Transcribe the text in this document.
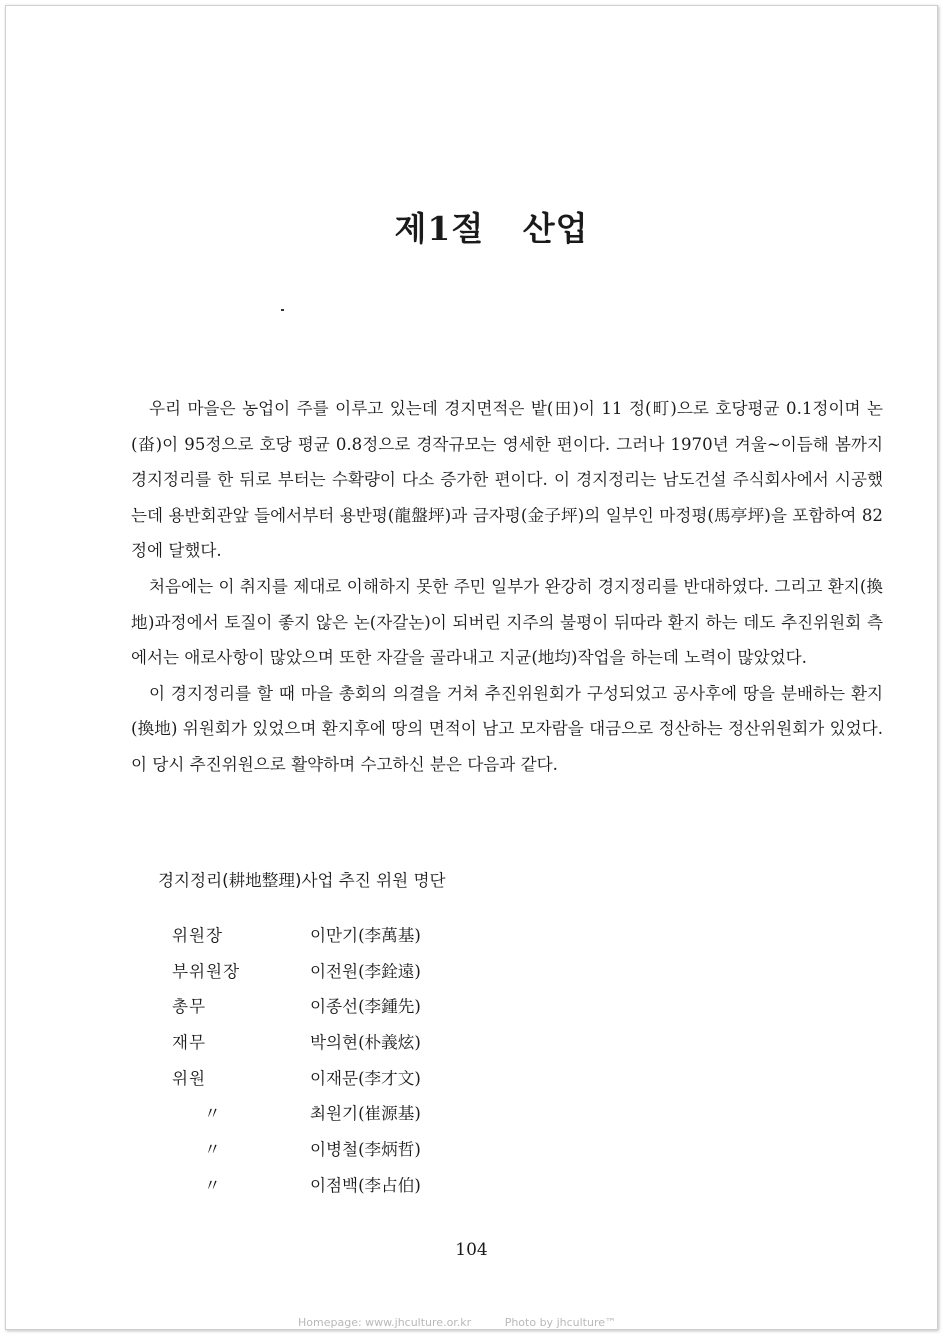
제1절 산업

우리 마을은 농업이 주를 이루고 있는데 경지면적은 밭(田)이 11 정(町)으로 호당평균 0.1정이며 논(畓)이 95정으로 호당 평균 0.8정으로 경작규모는 영세한 편이다. 그러나 1970년 겨울~이듬해 봄까지 경지정리를 한 뒤로 부터는 수확량이 다소 증가한 편이다. 이 경지정리는 남도건설 주식회사에서 시공했는데 용반회관앞 들에서부터 용반평(龍盤坪)과 금자평(金子坪)의 일부인 마정평(馬亭坪)을 포함하여 82정에 달했다.

처음에는 이 취지를 제대로 이해하지 못한 주민 일부가 완강히 경지정리를 반대하였다. 그리고 환지(換地)과정에서 토질이 좋지 않은 논(자갈논)이 되버린 지주의 불평이 뒤따라 환지 하는 데도 추진위원회 측에서는 애로사항이 많았으며 또한 자갈을 골라내고 지균(地均)작업을 하는데 노력이 많았었다.

이 경지정리를 할 때 마을 총회의 의결을 거쳐 추진위원회가 구성되었고 공사후에 땅을 분배하는 환지(換地) 위원회가 있었으며 환지후에 땅의 면적이 남고 모자람을 대금으로 정산하는 정산위원회가 있었다. 이 당시 추진위원으로 활약하며 수고하신 분은 다음과 같다.

경지정리(耕地整理)사업 추진 위원 명단
위원장	이만기(李萬基)
부위원장	이전원(李銓遠)
총무	이종선(李鍾先)
재무	박의현(朴義炫)
위원	이재문(李才文)
〃	최원기(崔源基)
〃	이병철(李炳哲)
〃	이점백(李占伯)
104
Homepage: www.jhculture.or.kr	Photo by jhculture™
